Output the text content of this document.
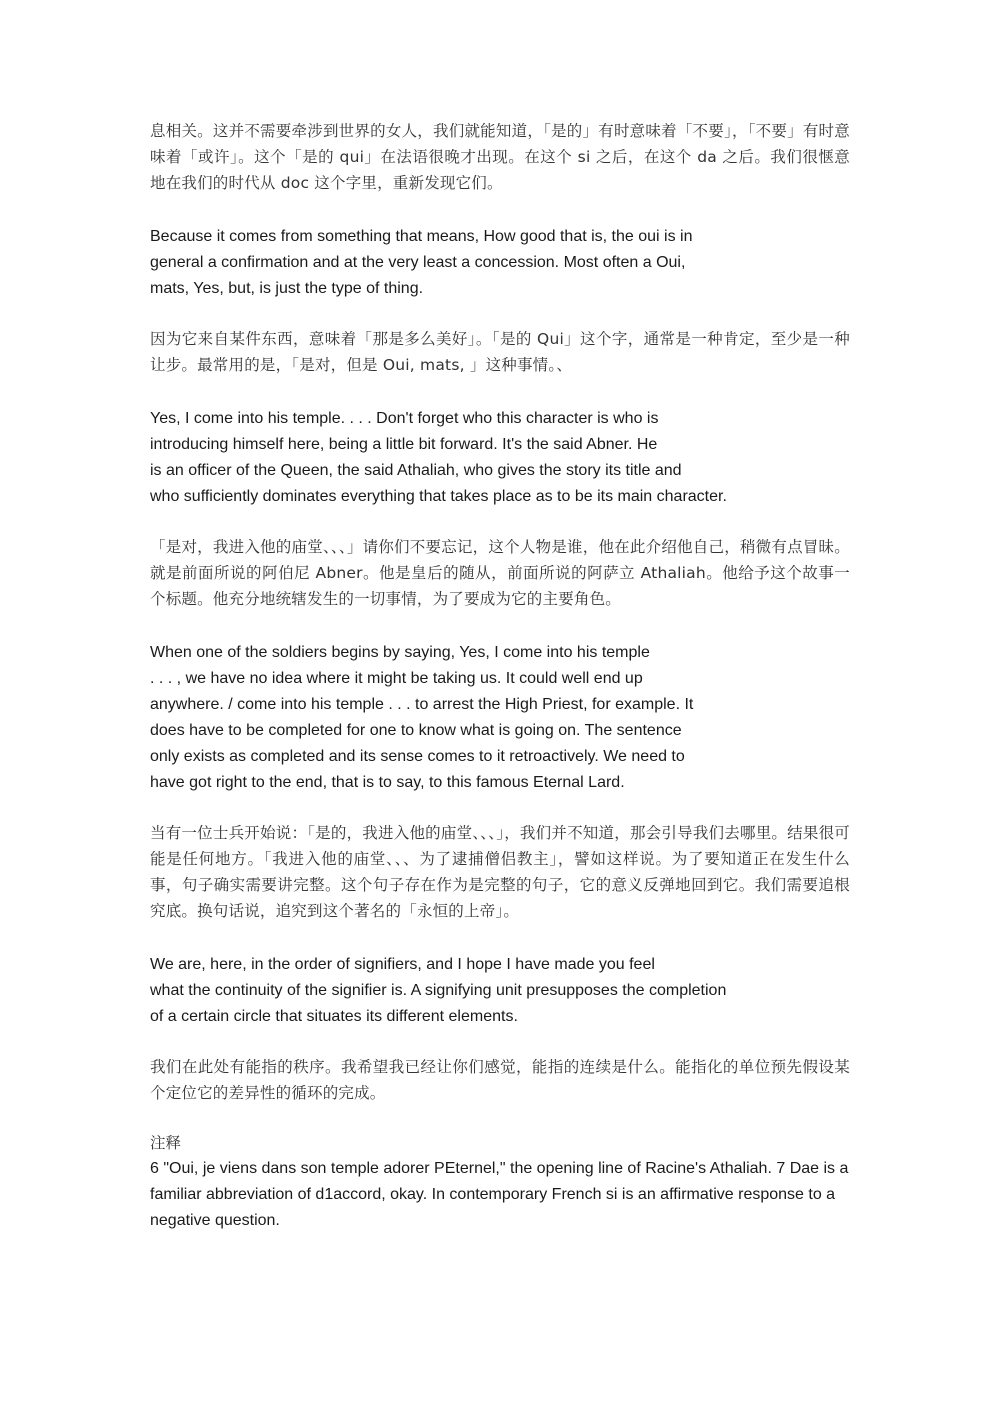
息相关。这并不需要牵涉到世界的女人，我们就能知道，「是的」有时意味着「不要」，「不要」有时意味着「或许」。这个「是的 qui」在法语很晚才出现。在这个 si 之后，在这个 da 之后。我们很惬意地在我们的时代从 doc 这个字里，重新发现它们。

Because it comes from something that means, How good that is, the oui is in
general a confirmation and at the very least a concession. Most often a Oui,
mats, Yes, but, is just the type of thing.

因为它来自某件东西，意味着「那是多么美好」。「是的 Qui」这个字，通常是一种肯定，至少是一种让步。最常用的是，「是对，但是 Oui, mats, 」这种事情。、

Yes, I come into his temple. . . . Don't forget who this character is who is
introducing himself here, being a little bit forward. It's the said Abner. He
is an officer of the Queen, the said Athaliah, who gives the story its title and
who sufficiently dominates everything that takes place as to be its main character.

「是对，我进入他的庙堂、、、」请你们不要忘记，这个人物是谁，他在此介绍他自己，稍微有点冒昧。就是前面所说的阿伯尼 Abner。他是皇后的随从，前面所说的阿萨立 Athaliah。他给予这个故事一个标题。他充分地统辖发生的一切事情，为了要成为它的主要角色。

When one of the soldiers begins by saying, Yes, I come into his temple
. . . , we have no idea where it might be taking us. It could well end up
anywhere. / come into his temple . . . to arrest the High Priest, for example. It
does have to be completed for one to know what is going on. The sentence
only exists as completed and its sense comes to it retroactively. We need to
have got right to the end, that is to say, to this famous Eternal Lard.

当有一位士兵开始说：「是的，我进入他的庙堂、、、」，我们并不知道，那会引导我们去哪里。结果很可能是任何地方。「我进入他的庙堂、、、为了逮捕僧侣教主」，譬如这样说。为了要知道正在发生什么事，句子确实需要讲完整。这个句子存在作为是完整的句子，它的意义反弹地回到它。我们需要追根究底。换句话说，追究到这个著名的「永恒的上帝」。

We are, here, in the order of signifiers, and I hope I have made you feel
what the continuity of the signifier is. A signifying unit presupposes the completion
of a certain circle that situates its different elements.

我们在此处有能指的秩序。我希望我已经让你们感觉，能指的连续是什么。能指化的单位预先假设某个定位它的差异性的循环的完成。

注释

6 "Oui, je viens dans son temple adorer PEternel," the opening line of Racine's Athaliah. 7 Dae is a familiar abbreviation of d1accord, okay. In contemporary French si is an affirmative response to a negative question.
